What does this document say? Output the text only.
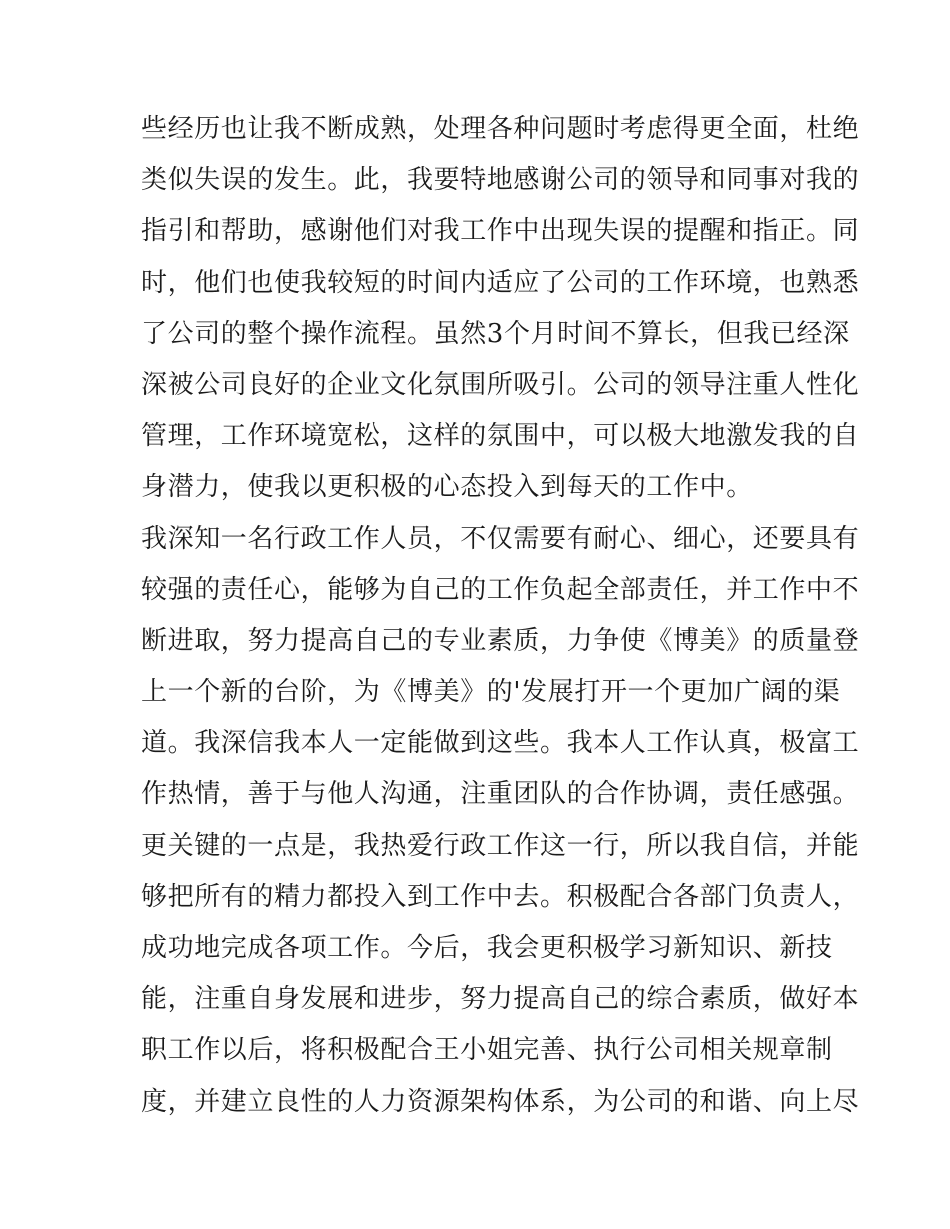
些经历也让我不断成熟，处理各种问题时考虑得更全面，杜绝
类似失误的发生。此，我要特地感谢公司的领导和同事对我的
指引和帮助，感谢他们对我工作中出现失误的提醒和指正。同
时，他们也使我较短的时间内适应了公司的工作环境，也熟悉
了公司的整个操作流程。虽然3个月时间不算长，但我已经深
深被公司良好的企业文化氛围所吸引。公司的领导注重人性化
管理，工作环境宽松，这样的氛围中，可以极大地激发我的自
身潜力，使我以更积极的心态投入到每天的工作中。
我深知一名行政工作人员，不仅需要有耐心、细心，还要具有
较强的责任心，能够为自己的工作负起全部责任，并工作中不
断进取，努力提高自己的专业素质，力争使《博美》的质量登
上一个新的台阶，为《博美》的'发展打开一个更加广阔的渠
道。我深信我本人一定能做到这些。我本人工作认真，极富工
作热情，善于与他人沟通，注重团队的合作协调，责任感强。
更关键的一点是，我热爱行政工作这一行，所以我自信，并能
够把所有的精力都投入到工作中去。积极配合各部门负责人，
成功地完成各项工作。今后，我会更积极学习新知识、新技
能，注重自身发展和进步，努力提高自己的综合素质，做好本
职工作以后，将积极配合王小姐完善、执行公司相关规章制
度，并建立良性的人力资源架构体系，为公司的和谐、向上尽
